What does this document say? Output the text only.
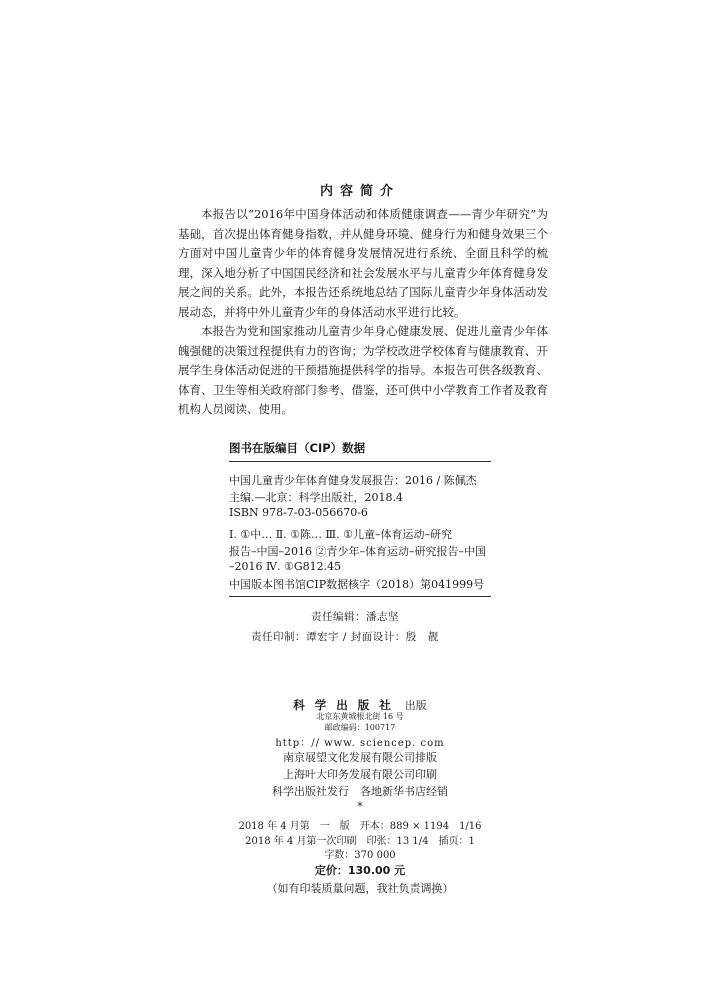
内容简介

本报告以“2016年中国身体活动和体质健康调查——青少年研究”为基础，首次提出体育健身指数，并从健身环境、健身行为和健身效果三个方面对中国儿童青少年的体育健身发展情况进行系统、全面且科学的梳理，深入地分析了中国国民经济和社会发展水平与儿童青少年体育健身发展之间的关系。此外，本报告还系统地总结了国际儿童青少年身体活动发展动态，并将中外儿童青少年的身体活动水平进行比较。

本报告为党和国家推动儿童青少年身心健康发展、促进儿童青少年体魄强健的决策过程提供有力的咨询；为学校改进学校体育与健康教育、开展学生身体活动促进的干预措施提供科学的指导。本报告可供各级教育、体育、卫生等相关政府部门参考、借鉴，还可供中小学教育工作者及教育机构人员阅读、使用。

图书在版编目（CIP）数据
中国儿童青少年体育健身发展报告：2016 / 陈佩杰
主编.—北京：科学出版社，2018.4
ISBN 978-7-03-056670-6
Ⅰ. ①中… Ⅱ. ①陈… Ⅲ. ①儿童–体育运动–研究
报告–中国–2016 ②青少年–体育运动–研究报告–中国
–2016 Ⅳ. ①G812.45
中国版本图书馆CIP数据核字（2018）第041999号
责任编辑：潘志坚
责任印制：谭宏宇 / 封面设计：殷　靓
科 学 出 版 社 出版
北京东黄城根北街 16 号
邮政编码：100717
http：// www. sciencep. com
南京展望文化发展有限公司排版
上海叶大印务发展有限公司印刷
科学出版社发行　各地新华书店经销
*
2018 年 4 月第　一　版　开本：889 × 1194　1/16
2018 年 4 月第一次印刷　印张：13 1/4　插页：1
字数：370 000
定价：130.00 元
（如有印装质量问题，我社负责调换）
